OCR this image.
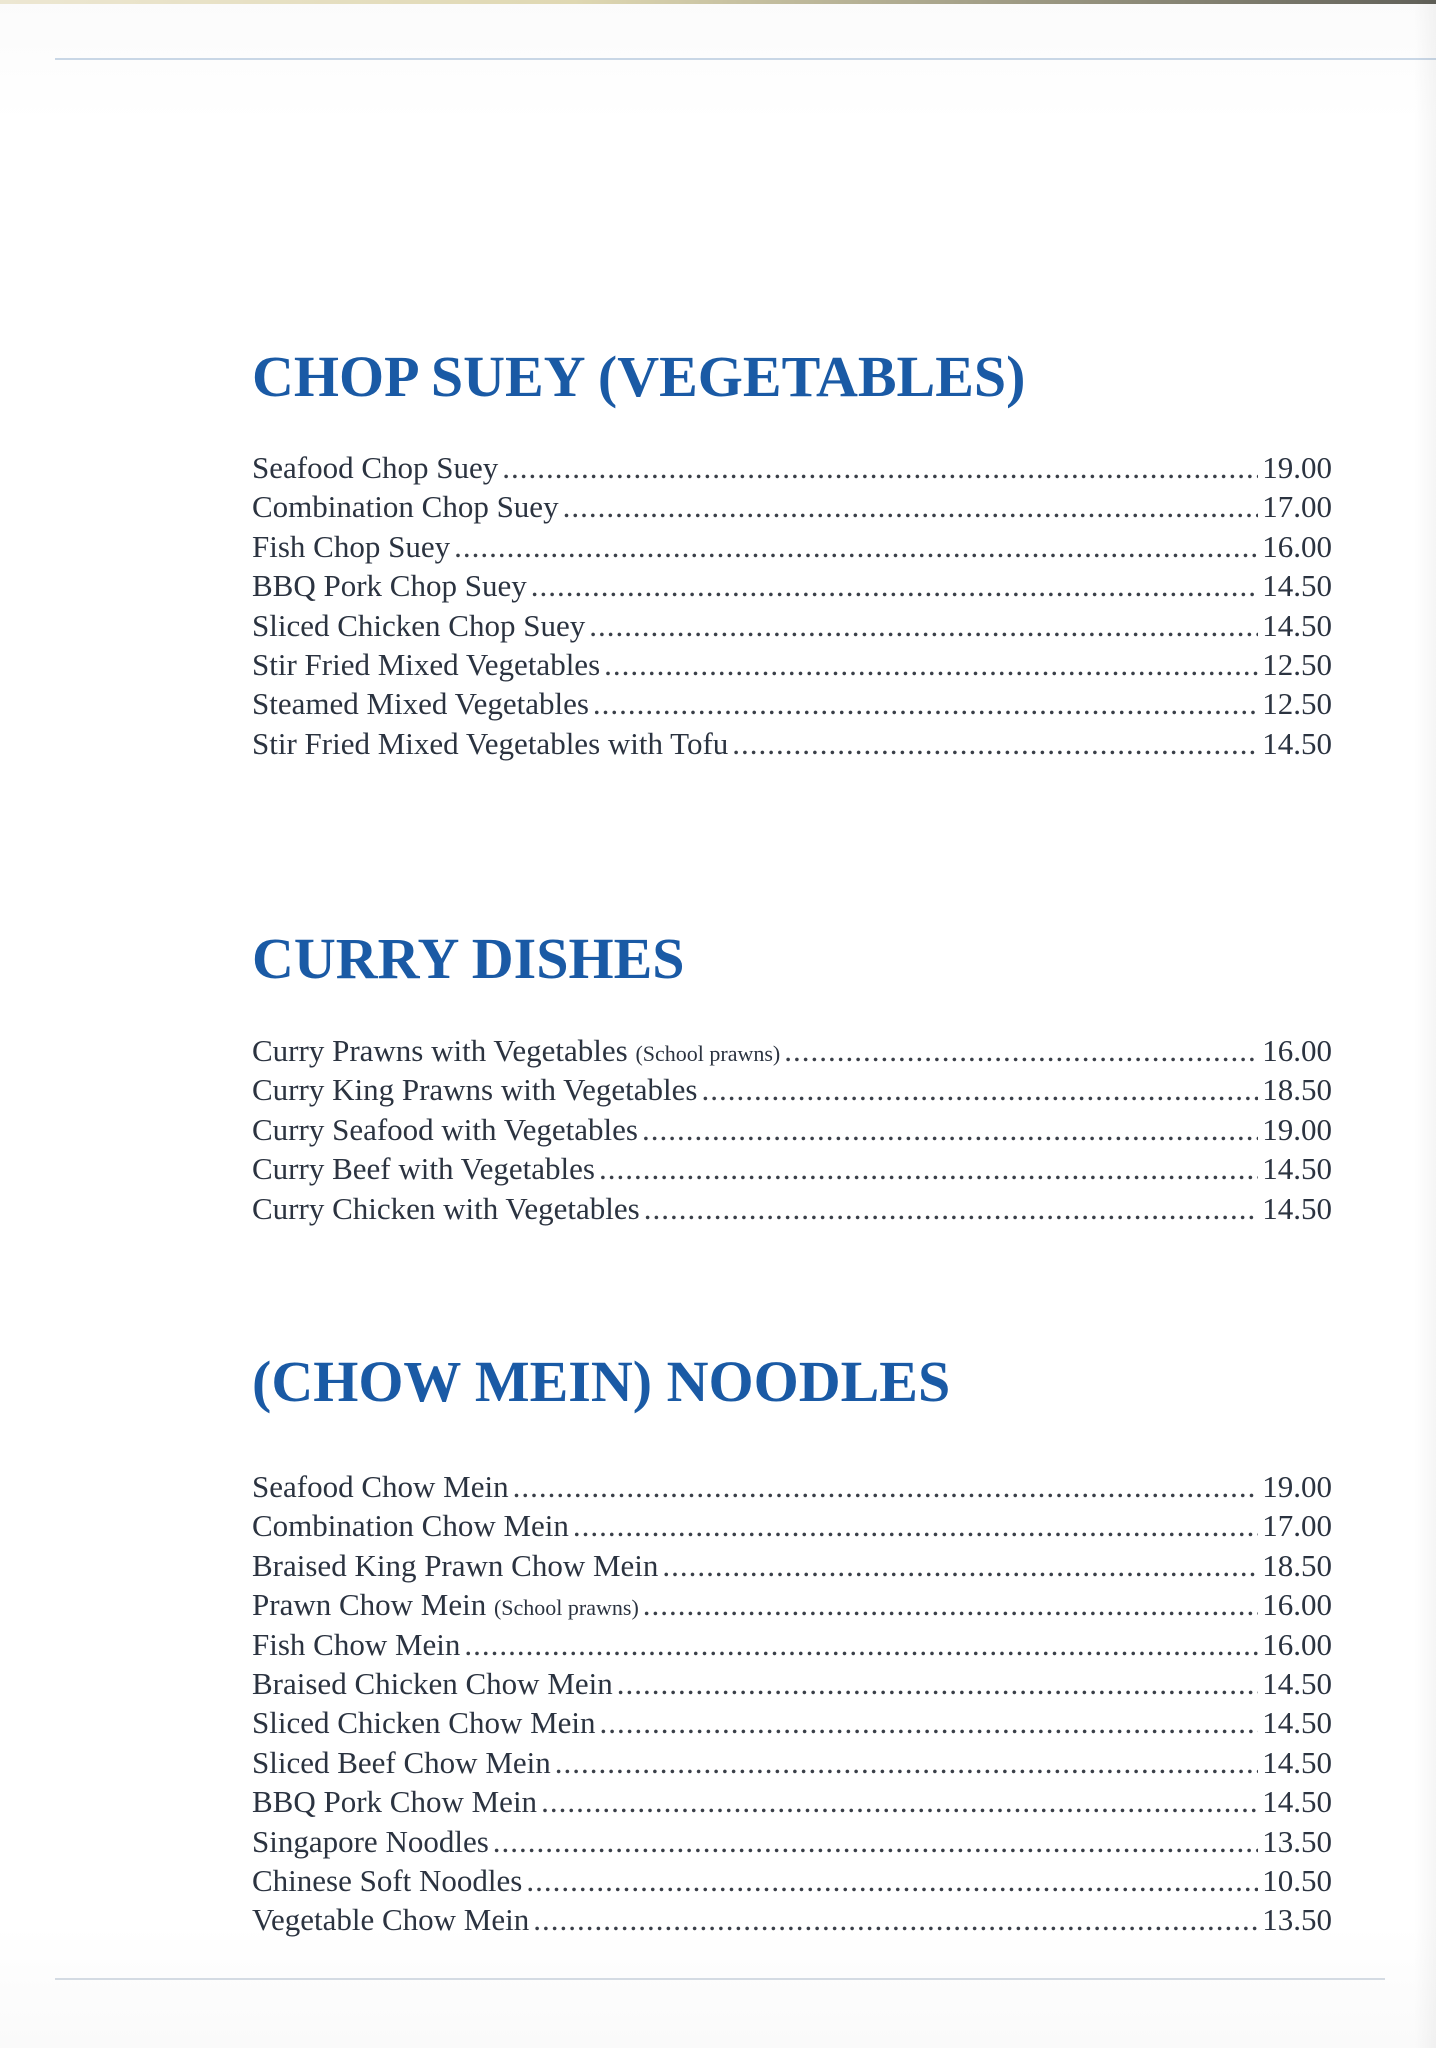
CHOP SUEY (VEGETABLES)
Seafood Chop Suey .....	19.00
Combination Chop Suey .....	17.00
Fish Chop Suey .....	16.00
BBQ Pork Chop Suey .....	14.50
Sliced Chicken Chop Suey .....	14.50
Stir Fried Mixed Vegetables .....	12.50
Steamed Mixed Vegetables .....	12.50
Stir Fried Mixed Vegetables with Tofu .....	14.50
CURRY DISHES
Curry Prawns with Vegetables (School prawns) .....	16.00
Curry King Prawns with Vegetables .....	18.50
Curry Seafood with Vegetables .....	19.00
Curry Beef with Vegetables .....	14.50
Curry Chicken with Vegetables .....	14.50
(CHOW MEIN) NOODLES
Seafood Chow Mein .....	19.00
Combination Chow Mein .....	17.00
Braised King Prawn Chow Mein .....	18.50
Prawn Chow Mein (School prawns) .....	16.00
Fish Chow Mein .....	16.00
Braised Chicken Chow Mein .....	14.50
Sliced Chicken Chow Mein .....	14.50
Sliced Beef Chow Mein .....	14.50
BBQ Pork Chow Mein .....	14.50
Singapore Noodles .....	13.50
Chinese Soft Noodles .....	10.50
Vegetable Chow Mein .....	13.50
